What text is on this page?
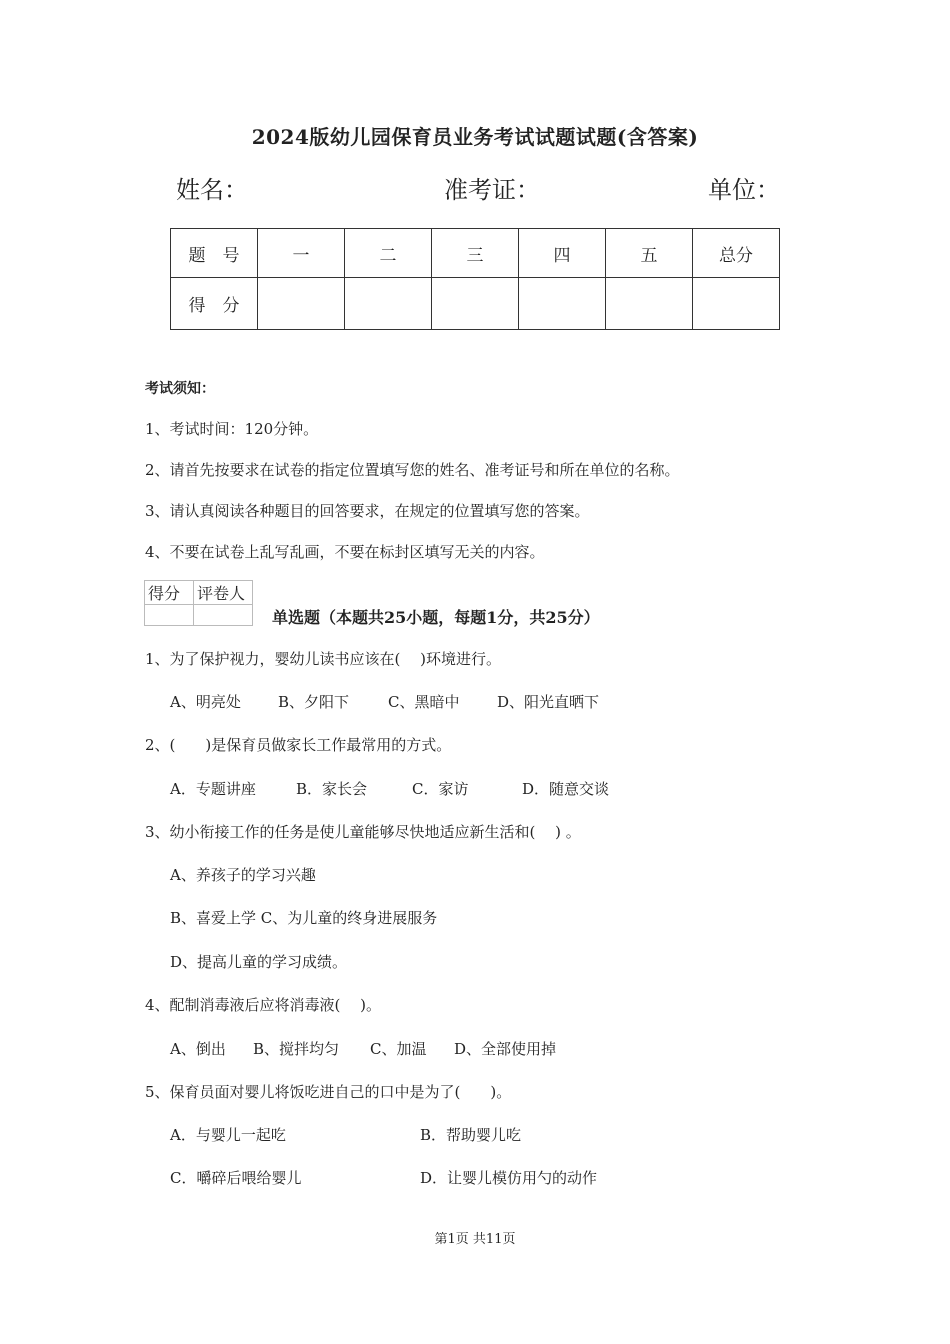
2024版幼儿园保育员业务考试试题试题(含答案)
姓名：	准考证：	单位：
题　号	一	二	三	四	五	总分
得　分						
考试须知：
1、考试时间：120分钟。
2、请首先按要求在试卷的指定位置填写您的姓名、准考证号和所在单位的名称。
3、请认真阅读各种题目的回答要求，在规定的位置填写您的答案。
4、不要在试卷上乱写乱画，不要在标封区填写无关的内容。
得分	评卷人

单选题（本题共25小题，每题1分，共25分）
1、为了保护视力，婴幼儿读书应该在(　 )环境进行。
A、明亮处 B、夕阳下	C、黑暗中	D、阳光直晒下
2、(　　)是保育员做家长工作最常用的方式。
A．专题讲座	B．家长会	C．家访	D．随意交谈
3、幼小衔接工作的任务是使儿童能够尽快地适应新生活和(　 ) 。
A、养孩子的学习兴趣
B、喜爱上学 C、为儿童的终身进展服务
D、提高儿童的学习成绩。
4、配制消毒液后应将消毒液(　 )。
A、倒出 B、搅拌均匀 C、加温 D、全部使用掉
5、保育员面对婴儿将饭吃进自己的口中是为了(　　)。
A．与婴儿一起吃	B．帮助婴儿吃
C．嚼碎后喂给婴儿	D．让婴儿模仿用勺的动作
第1页 共11页
